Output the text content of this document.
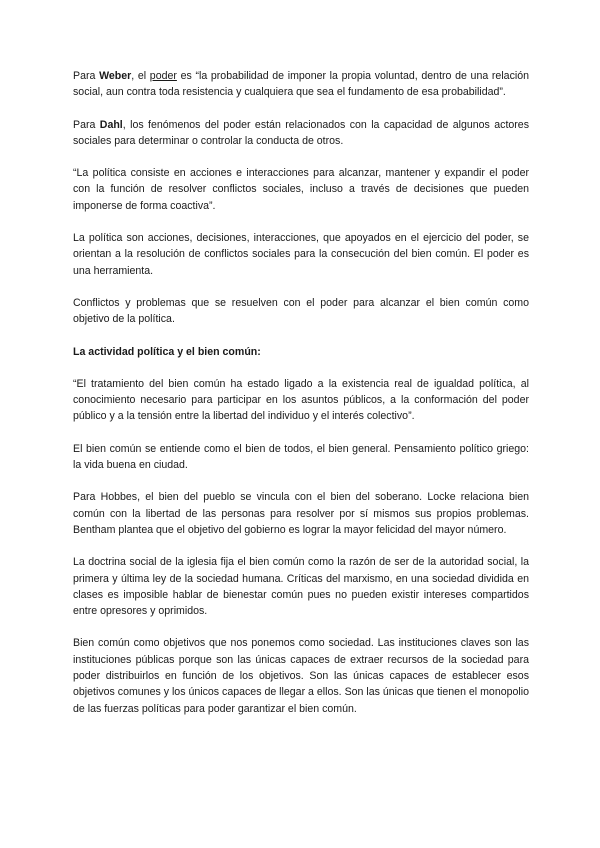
Para Weber, el poder es “la probabilidad de imponer la propia voluntad, dentro de una relación social, aun contra toda resistencia y cualquiera que sea el fundamento de esa probabilidad”.

Para Dahl, los fenómenos del poder están relacionados con la capacidad de algunos actores sociales para determinar o controlar la conducta de otros.

“La política consiste en acciones e interacciones para alcanzar, mantener y expandir el poder con la función de resolver conflictos sociales, incluso a través de decisiones que pueden imponerse de forma coactiva”.

La política son acciones, decisiones, interacciones, que apoyados en el ejercicio del poder, se orientan a la resolución de conflictos sociales para la consecución del bien común. El poder es una herramienta.

Conflictos y problemas que se resuelven con el poder para alcanzar el bien común como objetivo de la política.

La actividad política y el bien común:

“El tratamiento del bien común ha estado ligado a la existencia real de igualdad política, al conocimiento necesario para participar en los asuntos públicos, a la conformación del poder público y a la tensión entre la libertad del individuo y el interés colectivo”.

El bien común se entiende como el bien de todos, el bien general. Pensamiento político griego: la vida buena en ciudad.

Para Hobbes, el bien del pueblo se vincula con el bien del soberano. Locke relaciona bien común con la libertad de las personas para resolver por sí mismos sus propios problemas. Bentham plantea que el objetivo del gobierno es lograr la mayor felicidad del mayor número.

La doctrina social de la iglesia fija el bien común como la razón de ser de la autoridad social, la primera y última ley de la sociedad humana. Críticas del marxismo, en una sociedad dividida en clases es imposible hablar de bienestar común pues no pueden existir intereses compartidos entre opresores y oprimidos.

Bien común como objetivos que nos ponemos como sociedad. Las instituciones claves son las instituciones públicas porque son las únicas capaces de extraer recursos de la sociedad para poder distribuirlos en función de los objetivos. Son las únicas capaces de establecer esos objetivos comunes y los únicos capaces de llegar a ellos. Son las únicas que tienen el monopolio de las fuerzas políticas para poder garantizar el bien común.
